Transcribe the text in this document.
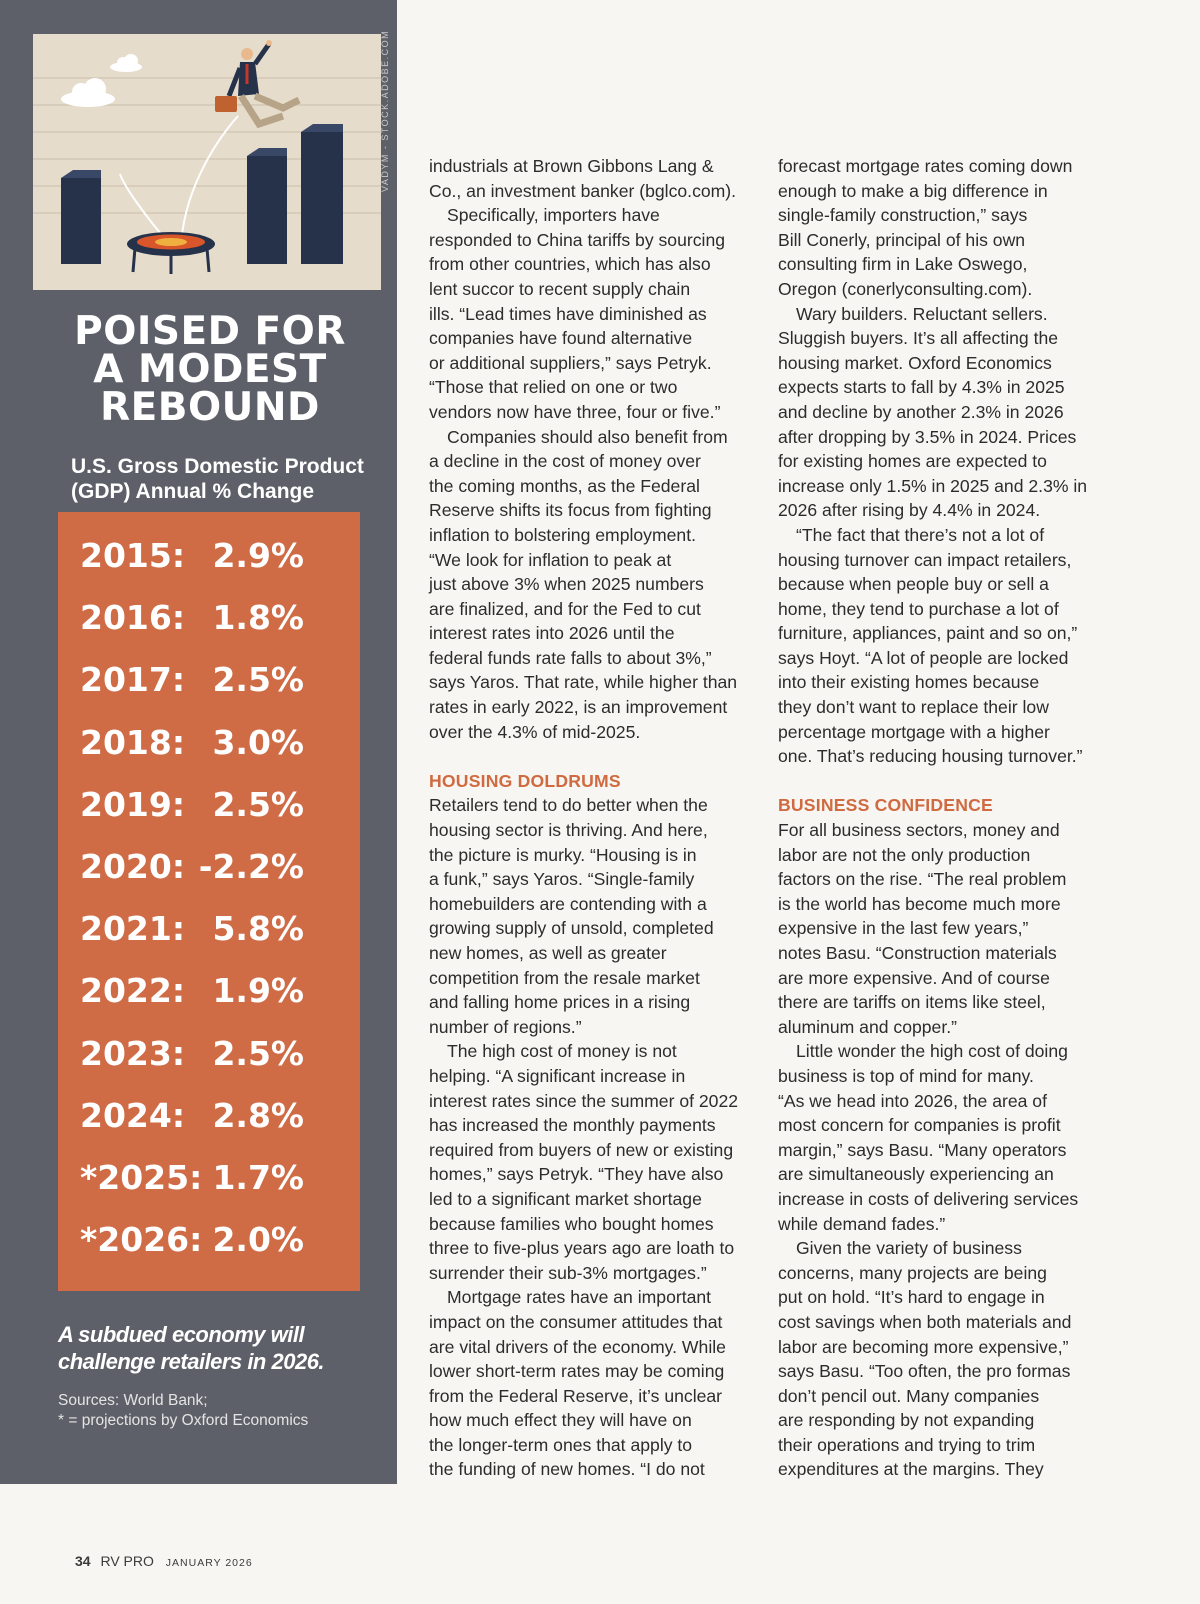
VADYM - STOCK.ADOBE.COM
POISED FOR
A MODEST
REBOUND
U.S. Gross Domestic Product
(GDP) Annual % Change
2015: 2.9%
2016: 1.8%
2017: 2.5%
2018: 3.0%
2019: 2.5%
2020: -2.2%
2021: 5.8%
2022: 1.9%
2023: 2.5%
2024: 2.8%
*2025: 1.7%
*2026: 2.0%
A subdued economy will
challenge retailers in 2026.
Sources: World Bank;
* = projections by Oxford Economics
industrials at Brown Gibbons Lang &
Co., an investment banker (bglco.com).
Specifically, importers have
responded to China tariffs by sourcing
from other countries, which has also
lent succor to recent supply chain
ills. “Lead times have diminished as
companies have found alternative
or additional suppliers,” says Petryk.
“Those that relied on one or two
vendors now have three, four or five.”
Companies should also benefit from
a decline in the cost of money over
the coming months, as the Federal
Reserve shifts its focus from fighting
inflation to bolstering employment.
“We look for inflation to peak at
just above 3% when 2025 numbers
are finalized, and for the Fed to cut
interest rates into 2026 until the
federal funds rate falls to about 3%,”
says Yaros. That rate, while higher than
rates in early 2022, is an improvement
over the 4.3% of mid-2025.
HOUSING DOLDRUMS
Retailers tend to do better when the
housing sector is thriving. And here,
the picture is murky. “Housing is in
a funk,” says Yaros. “Single-family
homebuilders are contending with a
growing supply of unsold, completed
new homes, as well as greater
competition from the resale market
and falling home prices in a rising
number of regions.”
The high cost of money is not
helping. “A significant increase in
interest rates since the summer of 2022
has increased the monthly payments
required from buyers of new or existing
homes,” says Petryk. “They have also
led to a significant market shortage
because families who bought homes
three to five-plus years ago are loath to
surrender their sub-3% mortgages.”
Mortgage rates have an important
impact on the consumer attitudes that
are vital drivers of the economy. While
lower short-term rates may be coming
from the Federal Reserve, it’s unclear
how much effect they will have on
the longer-term ones that apply to
the funding of new homes. “I do not
forecast mortgage rates coming down
enough to make a big difference in
single-family construction,” says
Bill Conerly, principal of his own
consulting firm in Lake Oswego,
Oregon (conerlyconsulting.com).
Wary builders. Reluctant sellers.
Sluggish buyers. It’s all affecting the
housing market. Oxford Economics
expects starts to fall by 4.3% in 2025
and decline by another 2.3% in 2026
after dropping by 3.5% in 2024. Prices
for existing homes are expected to
increase only 1.5% in 2025 and 2.3% in
2026 after rising by 4.4% in 2024.
“The fact that there’s not a lot of
housing turnover can impact retailers,
because when people buy or sell a
home, they tend to purchase a lot of
furniture, appliances, paint and so on,”
says Hoyt. “A lot of people are locked
into their existing homes because
they don’t want to replace their low
percentage mortgage with a higher
one. That’s reducing housing turnover.”
BUSINESS CONFIDENCE
For all business sectors, money and
labor are not the only production
factors on the rise. “The real problem
is the world has become much more
expensive in the last few years,”
notes Basu. “Construction materials
are more expensive. And of course
there are tariffs on items like steel,
aluminum and copper.”
Little wonder the high cost of doing
business is top of mind for many.
“As we head into 2026, the area of
most concern for companies is profit
margin,” says Basu. “Many operators
are simultaneously experiencing an
increase in costs of delivering services
while demand fades.”
Given the variety of business
concerns, many projects are being
put on hold. “It’s hard to engage in
cost savings when both materials and
labor are becoming more expensive,”
says Basu. “Too often, the pro formas
don’t pencil out. Many companies
are responding by not expanding
their operations and trying to trim
expenditures at the margins. They
34 RV PRO JANUARY 2026
